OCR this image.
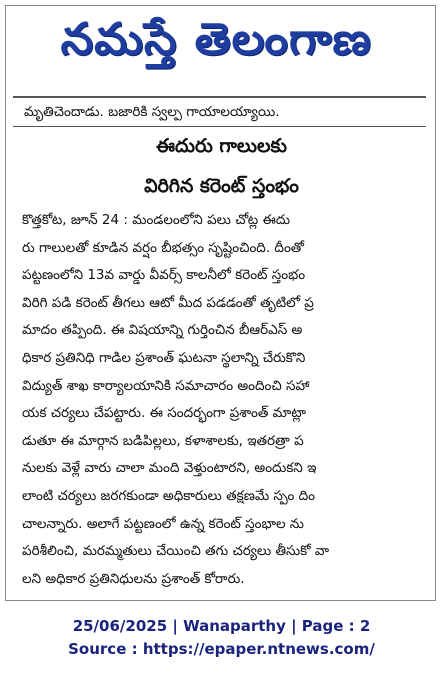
నమస్తే తెలంగాణ
మృతిచెందాడు. బజారికి స్వల్ప గాయాలయ్యాయి.
ఈదురు గాలులకు
విరిగిన కరెంట్ స్తంభం
కొత్తకోట, జూన్ 24 : మండలంలోని పలు చోట్ల ఈదు
రు గాలులతో కూడిన వర్షం బీభత్సం సృష్టించింది. దీంతో
పట్టణంలోని 13వ వార్డు వీవర్స్ కాలనీలో కరెంట్ స్తంభం
విరిగి పడి కరెంట్ తీగలు ఆటో మీద పడడంతో తృటిలో ప్ర
మాదం తప్పింది. ఈ విషయాన్ని గుర్తించిన బీఆర్ఎస్ అ
ధికార ప్రతినిధి గాడిల ప్రశాంత్ ఘటనా స్థలాన్ని చేరుకొని
విద్యుత్ శాఖ కార్యాలయానికి సమాచారం అందించి సహా
యక చర్యలు చేపట్టారు. ఈ సందర్భంగా ప్రశాంత్ మాట్లా
డుతూ ఈ మార్గాన బడిపిల్లలు, కళాశాలకు, ఇతరత్రా ప
నులకు వెళ్లే వారు చాలా మంది వెళ్తుంటారని, అందుకని ఇ
లాంటి చర్యలు జరగకుండా అధికారులు తక్షణమే స్పం దిం
చాలన్నారు. అలాగే పట్టణంలో ఉన్న కరెంట్ స్తంభాల ను
పరిశీలించి, మరమ్మతులు చేయించి తగు చర్యలు తీసుకో వా
లని అధికార ప్రతినిధులను ప్రశాంత్ కోరారు.
25/06/2025 | Wanaparthy | Page : 2
Source : https://epaper.ntnews.com/
